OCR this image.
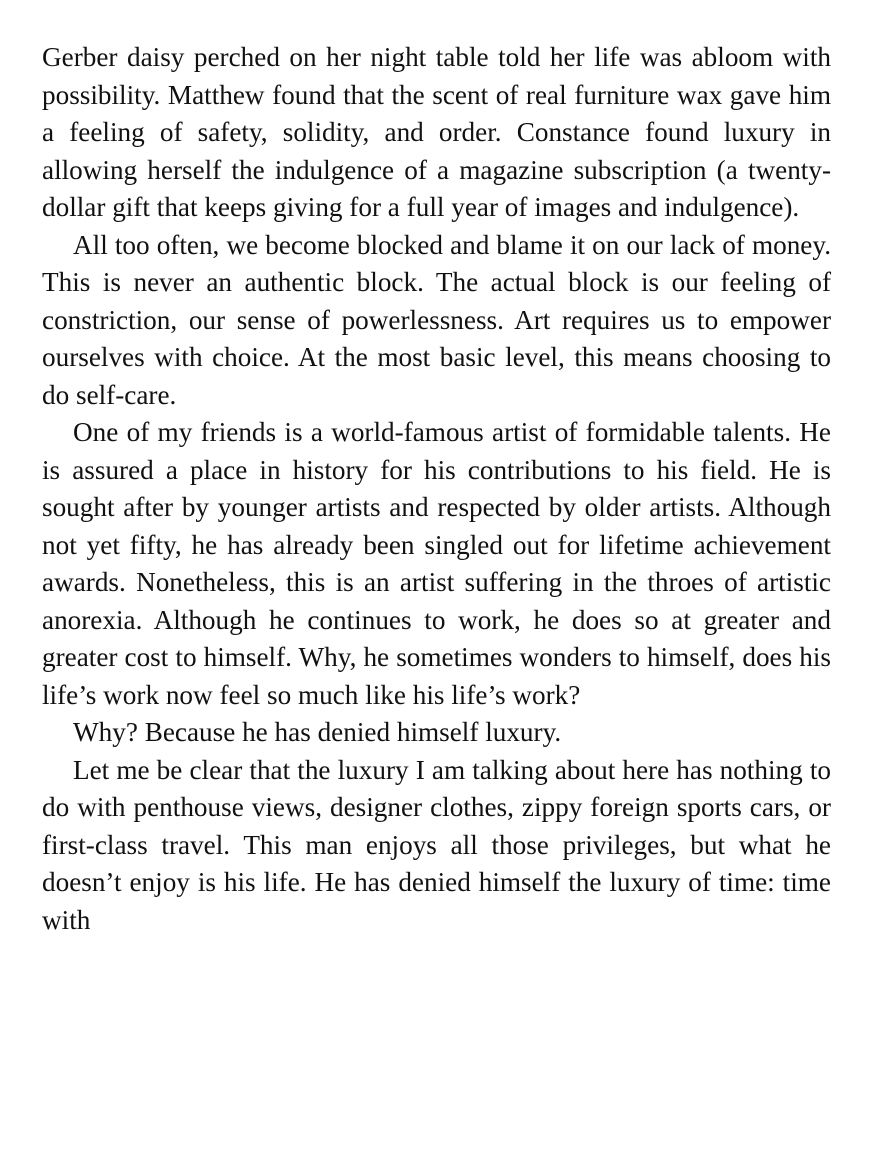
Gerber daisy perched on her night table told her life was abloom with possibility. Matthew found that the scent of real furniture wax gave him a feeling of safety, solidity, and order. Constance found luxury in allowing herself the indulgence of a magazine subscription (a twenty-dollar gift that keeps giving for a full year of images and indulgence).

All too often, we become blocked and blame it on our lack of money. This is never an authentic block. The actual block is our feeling of constriction, our sense of powerlessness. Art requires us to empower ourselves with choice. At the most basic level, this means choosing to do self-care.

One of my friends is a world-famous artist of formidable talents. He is assured a place in history for his contributions to his field. He is sought after by younger artists and respected by older artists. Although not yet fifty, he has already been singled out for lifetime achievement awards. Nonetheless, this is an artist suffering in the throes of artistic anorexia. Although he continues to work, he does so at greater and greater cost to himself. Why, he sometimes wonders to himself, does his life’s work now feel so much like his life’s work?

Why? Because he has denied himself luxury.

Let me be clear that the luxury I am talking about here has nothing to do with penthouse views, designer clothes, zippy foreign sports cars, or first-class travel. This man enjoys all those privileges, but what he doesn’t enjoy is his life. He has denied himself the luxury of time: time with
